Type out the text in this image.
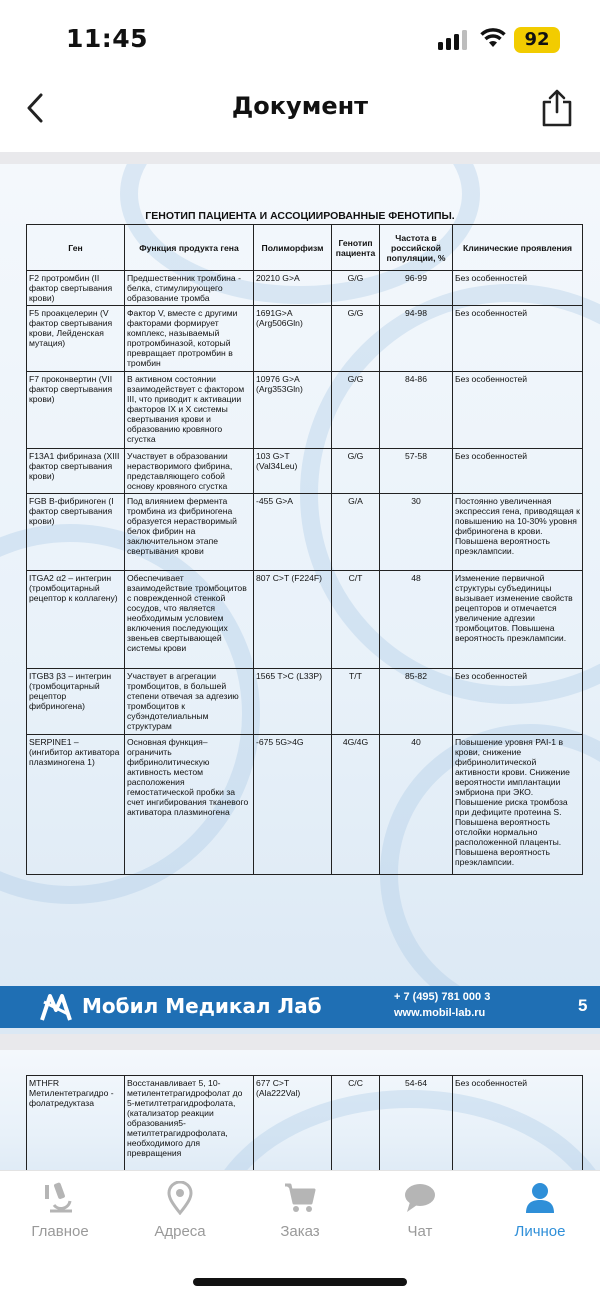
11:45	92
Документ
ГЕНОТИП ПАЦИЕНТА И АССОЦИИРОВАННЫЕ ФЕНОТИПЫ.
Ген	Функция продукта гена	Полиморфизм	Генотип пациента	Частота в российской популяции, %	Клинические проявления
F2 протромбин (II фактор свертывания крови)	Предшественник тромбина - белка, стимулирующего образование тромба	20210 G>A	G/G	96-99	Без особенностей
F5 проакцелерин (V фактор свертывания крови, Лейденская мутация)	Фактор V, вместе с другими факторами формирует комплекс, называемый протромбиназой, который превращает протромбин в тромбин	1691G>A (Arg506Gln)	G/G	94-98	Без особенностей
F7 проконвертин (VII фактор свертывания крови)	В активном состоянии взаимодействует с фактором III, что приводит к активации факторов IX и X системы свертывания крови и образованию кровяного сгустка	10976 G>A (Arg353Gln)	G/G	84-86	Без особенностей
F13A1 фибриназа (XIII фактор свертывания крови)	Участвует в образовании нерастворимого фибрина, представляющего собой основу кровяного сгустка	103 G>T (Val34Leu)	G/G	57-58	Без особенностей
FGB В-фибриноген (I фактор свертывания крови)	Под влиянием фермента тромбина из фибриногена образуется нерастворимый белок фибрин на заключительном этапе свертывания крови	-455 G>A	G/A	30	Постоянно увеличенная экспрессия гена, приводящая к повышению на 10-30% уровня фибриногена в крови. Повышена вероятность преэклампсии.
ITGA2 α2 – интегрин (тромбоцитарный рецептор к коллагену)	Обеспечивает взаимодействие тромбоцитов с поврежденной стенкой сосудов, что является необходимым условием включения последующих звеньев свертывающей системы крови	807 C>T (F224F)	C/T	48	Изменение первичной структуры субъединицы вызывает изменение свойств рецепторов и отмечается увеличение адгезии тромбоцитов. Повышена вероятность преэклампсии.
ITGB3 β3 – интегрин (тромбоцитарный рецептор фибриногена)	Участвует в агрегации тромбоцитов, в большей степени отвечая за адгезию тромбоцитов к субэндотелиальным структурам	1565 T>C (L33P)	T/T	85-82	Без особенностей
SERPINE1 – (ингибитор активатора плазминогена 1)	Основная функция– ограничить фибринолитическую активность местом расположения гемостатической пробки за счет ингибирования тканевого активатора плазминогена	-675 5G>4G	4G/4G	40	Повышение уровня PAI-1 в крови, снижение фибринолитической активности крови. Снижение вероятности имплантации эмбриона при ЭКО. Повышение риска тромбоза при дефиците протеина S. Повышена вероятность отслойки нормально расположенной плаценты. Повышена вероятность преэклампсии.
Мобил Медикал Лаб	+ 7 (495) 781 000 3
www.mobil-lab.ru	5
MTHFR Метилентетрагидро - фолатредуктаза	Восстанавливает 5, 10-метилентетрагидрофолат до 5-метилтетрагидрофолата, (катализатор реакции образования5-метилтетрагидрофолата, необходимого для превращения	677 C>T (Ala222Val)	C/C	54-64	Без особенностей
Главное	Адреса	Заказ	Чат	Личное
